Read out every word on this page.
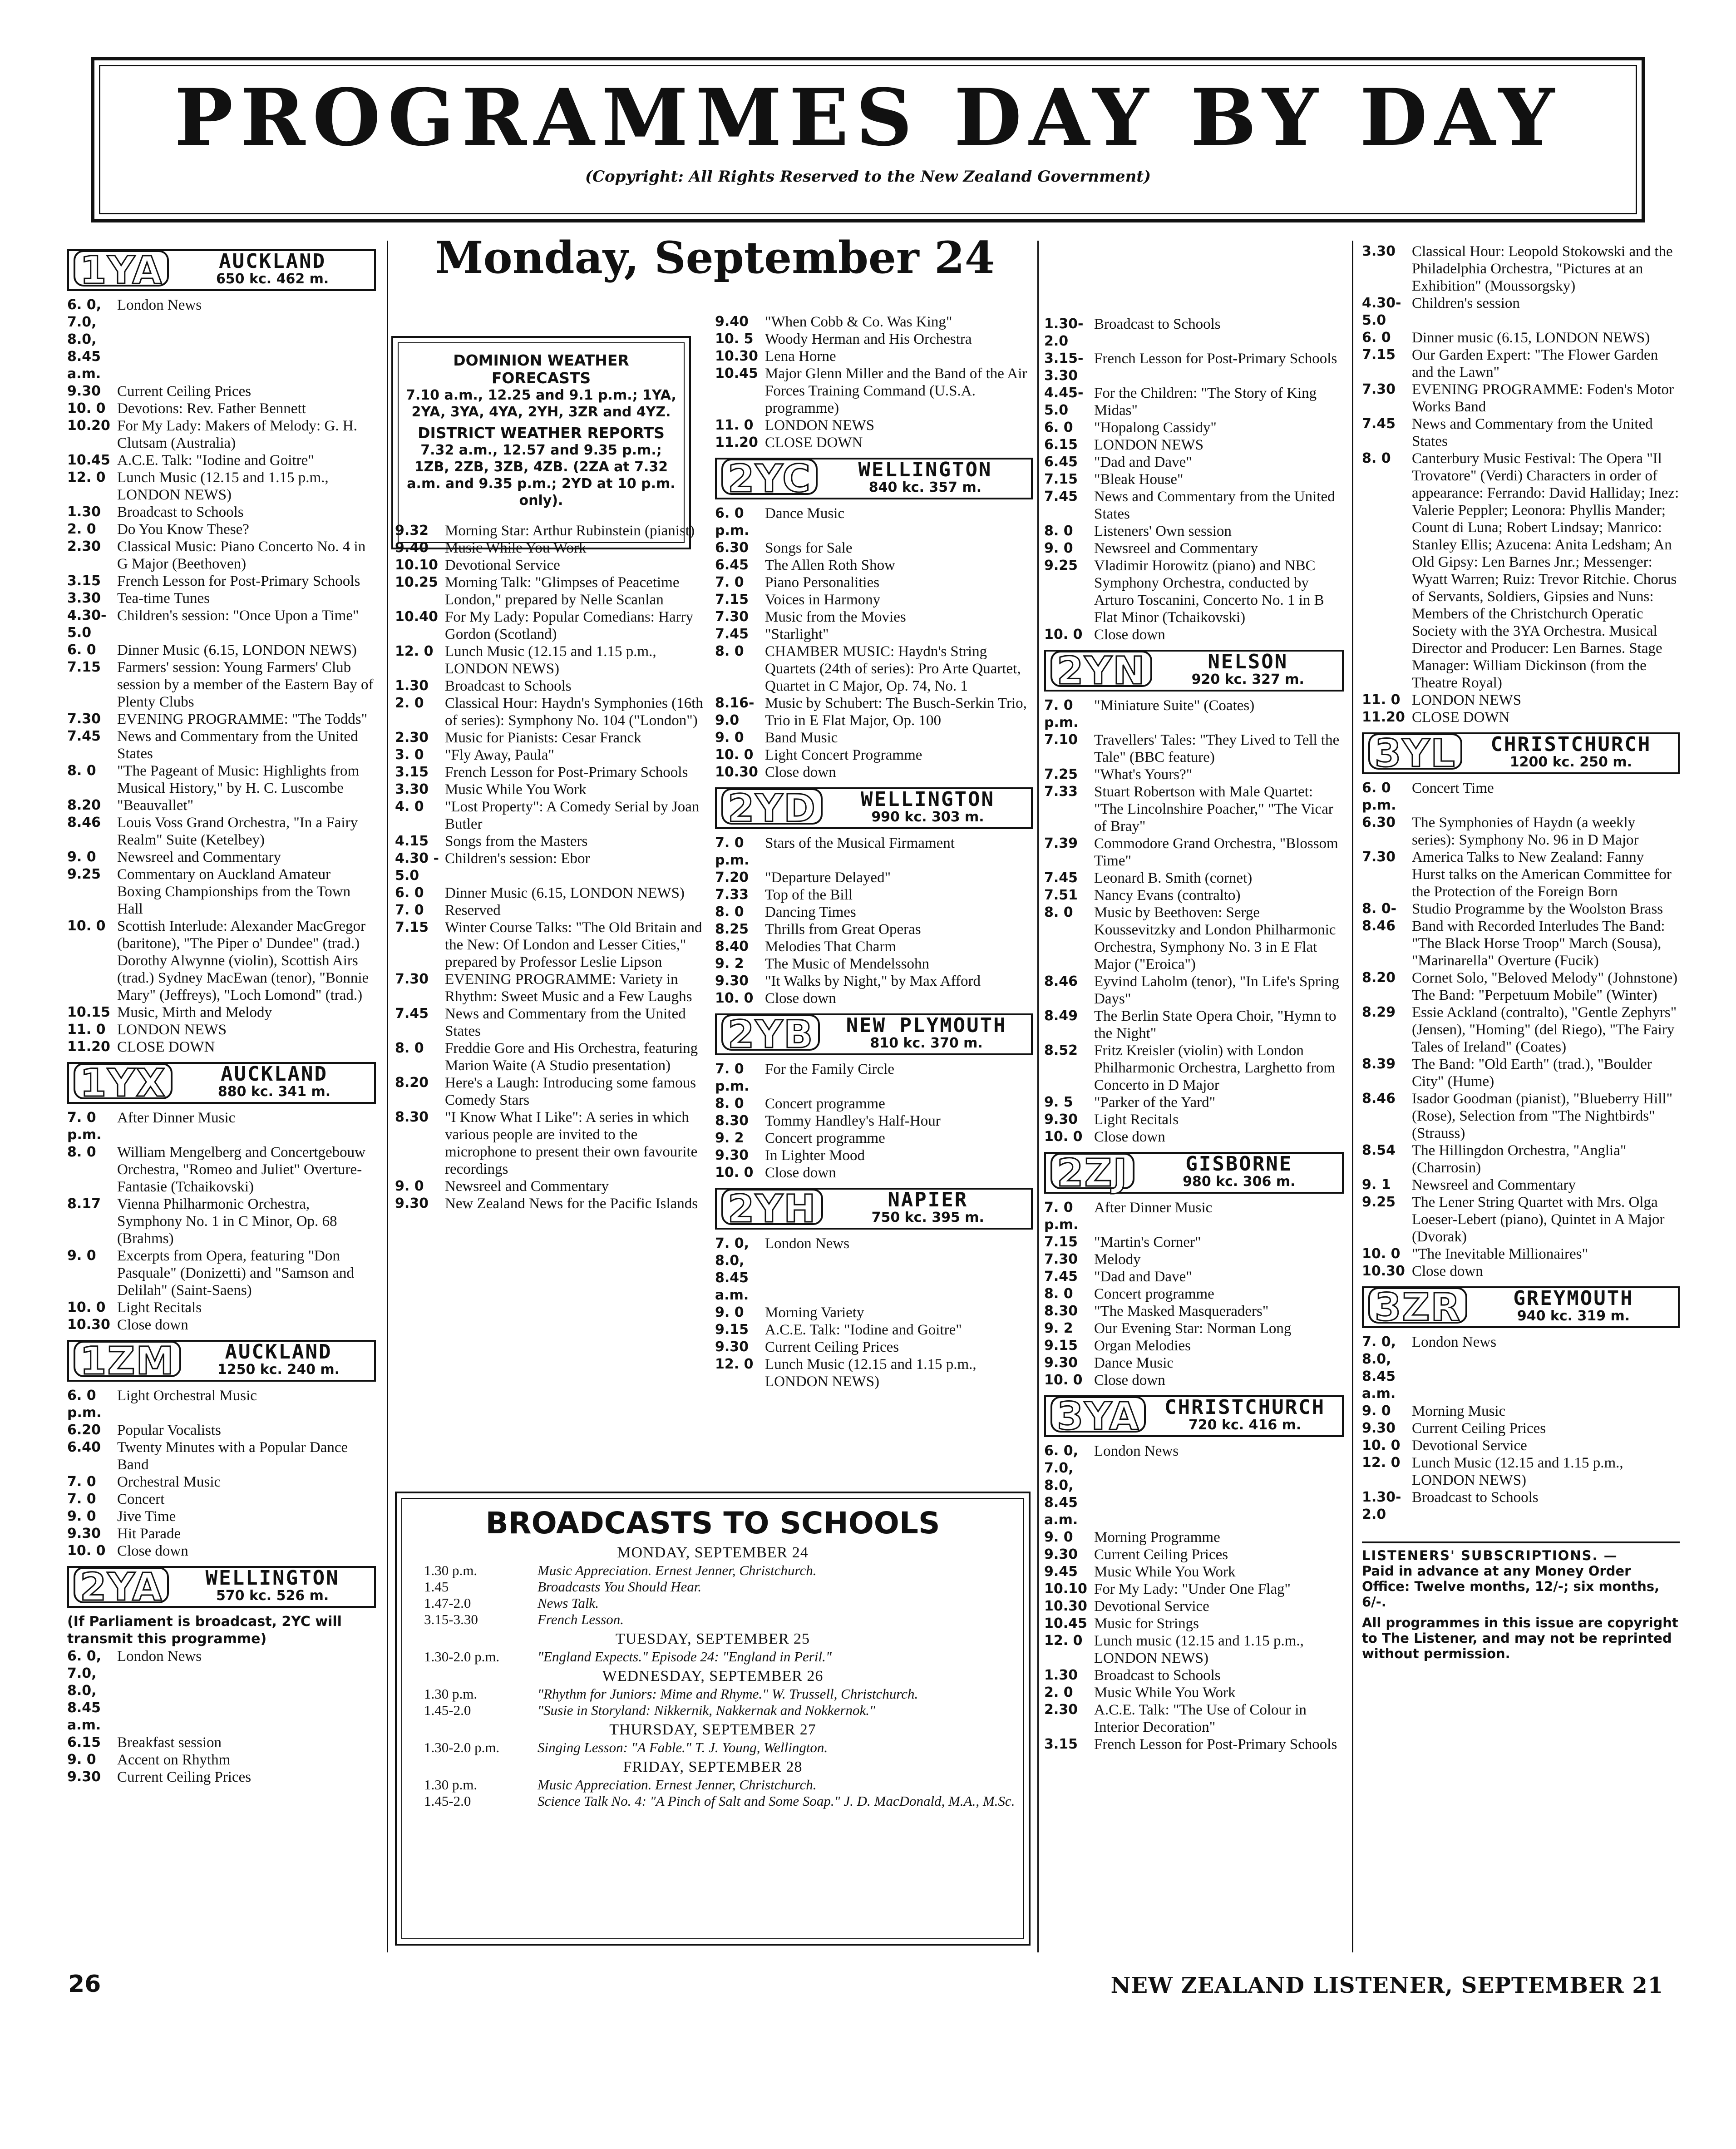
PROGRAMMES DAY BY DAY
(Copyright: All Rights Reserved to the New Zealand Government)
Monday, September 24
1YA	AUCKLAND
650 kc. 462 m.
6. 0, 7.0, 8.0, 8.45 a.m.
London News
9.30	Current Ceiling Prices
10. 0 Devotions: Rev. Father Bennett
10.20 For My Lady: Makers of Melody: G. H. Clutsam (Australia)
10.45 A.C.E. Talk: "Iodine and Goitre"
12. 0 Lunch Music (12.15 and 1.15 p.m., LONDON NEWS)
1.30	Broadcast to Schools
2. 0	Do You Know These?
2.30	Classical Music: Piano Concerto No. 4 in G Major (Beethoven)
3.15	French Lesson for Post-Primary Schools
3.30	Tea-time Tunes
4.30-5.0
Children's session: "Once Upon a Time"
6. 0	Dinner Music (6.15, LONDON NEWS)
7.15	Farmers' session: Young Farmers' Club session by a member of the Eastern Bay of Plenty Clubs
7.30	EVENING PROGRAMME: "The Todds"
7.45	News and Commentary from the United States
8. 0	"The Pageant of Music: Highlights from Musical History," by H. C. Luscombe
8.20	"Beauvallet"
8.46	Louis Voss Grand Orchestra, "In a Fairy Realm" Suite (Ketelbey)
9. 0	Newsreel and Commentary
9.25	Commentary on Auckland Amateur Boxing Championships from the Town Hall
10. 0 Scottish Interlude: Alexander MacGregor (baritone), "The Piper o' Dundee" (trad.) Dorothy Alwynne (violin), Scottish Airs (trad.) Sydney MacEwan (tenor), "Bonnie Mary" (Jeffreys), "Loch Lomond" (trad.)
10.15 Music, Mirth and Melody
11. 0 LONDON NEWS
11.20 CLOSE DOWN
1YX	AUCKLAND
880 kc. 341 m.
7. 0 p.m.
After Dinner Music
8. 0	William Mengelberg and Concertgebouw Orchestra, "Romeo and Juliet" Overture-Fantasie (Tchaikovski)
8.17	Vienna Philharmonic Orchestra, Symphony No. 1 in C Minor, Op. 68 (Brahms)
9. 0	Excerpts from Opera, featuring "Don Pasquale" (Donizetti) and "Samson and Delilah" (Saint-Saens)
10. 0 Light Recitals
10.30 Close down
1ZM	AUCKLAND
1250 kc. 240 m.
6. 0 p.m.
Light Orchestral Music
6.20	Popular Vocalists
6.40	Twenty Minutes with a Popular Dance Band
7. 0	Orchestral Music
7. 0	Concert
9. 0	Jive Time
9.30	Hit Parade
10. 0 Close down
2YA	WELLINGTON
570 kc. 526 m.
(If Parliament is broadcast, 2YC will transmit this programme)
6. 0, 7.0, 8.0, 8.45 a.m.
London News
6.15	Breakfast session
9. 0	Accent on Rhythm
9.30	Current Ceiling Prices
DOMINION WEATHER FORECASTS

7.10 a.m., 12.25 and 9.1 p.m.; 1YA, 2YA, 3YA, 4YA, 2YH, 3ZR and 4YZ.

DISTRICT WEATHER REPORTS

7.32 a.m., 12.57 and 9.35 p.m.; 1ZB, 2ZB, 3ZB, 4ZB. (2ZA at 7.32 a.m. and 9.35 p.m.; 2YD at 10 p.m. only).

9.32	Morning Star: Arthur Rubinstein (pianist)
9.40	Music While You Work
10.10 Devotional Service
10.25 Morning Talk: "Glimpses of Peacetime London," prepared by Nelle Scanlan
10.40 For My Lady: Popular Comedians: Harry Gordon (Scotland)
12. 0 Lunch Music (12.15 and 1.15 p.m., LONDON NEWS)
1.30	Broadcast to Schools
2. 0	Classical Hour: Haydn's Symphonies (16th of series): Symphony No. 104 ("London")
2.30	Music for Pianists: Cesar Franck
3. 0	"Fly Away, Paula"
3.15	French Lesson for Post-Primary Schools
3.30	Music While You Work
4. 0	"Lost Property": A Comedy Serial by Joan Butler
4.15	Songs from the Masters
4.30 - 5.0
Children's session: Ebor
6. 0	Dinner Music (6.15, LONDON NEWS)
7. 0	Reserved
7.15	Winter Course Talks: "The Old Britain and the New: Of London and Lesser Cities," prepared by Professor Leslie Lipson
7.30	EVENING PROGRAMME: Variety in Rhythm: Sweet Music and a Few Laughs
7.45	News and Commentary from the United States
8. 0	Freddie Gore and His Orchestra, featuring Marion Waite (A Studio presentation)
8.20	Here's a Laugh: Introducing some famous Comedy Stars
8.30	"I Know What I Like": A series in which various people are invited to the microphone to present their own favourite recordings
9. 0	Newsreel and Commentary
9.30	New Zealand News for the Pacific Islands
9.40	"When Cobb & Co. Was King"
10. 5 Woody Herman and His Orchestra
10.30 Lena Horne
10.45 Major Glenn Miller and the Band of the Air Forces Training Command (U.S.A. programme)
11. 0 LONDON NEWS
11.20 CLOSE DOWN
2YC	WELLINGTON
840 kc. 357 m.
6. 0 p.m.
Dance Music
6.30	Songs for Sale
6.45	The Allen Roth Show
7. 0	Piano Personalities
7.15	Voices in Harmony
7.30	Music from the Movies
7.45	"Starlight"
8. 0	CHAMBER MUSIC: Haydn's String Quartets (24th of series): Pro Arte Quartet, Quartet in C Major, Op. 74, No. 1
8.16-9.0
Music by Schubert: The Busch-Serkin Trio, Trio in E Flat Major, Op. 100
9. 0	Band Music
10. 0 Light Concert Programme
10.30 Close down
2YD	WELLINGTON
990 kc. 303 m.
7. 0 p.m.
Stars of the Musical Firmament
7.20	"Departure Delayed"
7.33	Top of the Bill
8. 0	Dancing Times
8.25	Thrills from Great Operas
8.40	Melodies That Charm
9. 2	The Music of Mendelssohn
9.30	"It Walks by Night," by Max Afford
10. 0 Close down
2YB	NEW PLYMOUTH
810 kc. 370 m.
7. 0 p.m.
For the Family Circle
8. 0	Concert programme
8.30	Tommy Handley's Half-Hour
9. 2	Concert programme
9.30	In Lighter Mood
10. 0 Close down
2YH	NAPIER
750 kc. 395 m.
7. 0, 8.0, 8.45 a.m.
London News
9. 0	Morning Variety
9.15	A.C.E. Talk: "Iodine and Goitre"
9.30	Current Ceiling Prices
12. 0 Lunch Music (12.15 and 1.15 p.m., LONDON NEWS)
1.30-2.0
Broadcast to Schools
3.15-3.30
French Lesson for Post-Primary Schools
4.45-5.0
For the Children: "The Story of King Midas"
6. 0	"Hopalong Cassidy"
6.15	LONDON NEWS
6.45	"Dad and Dave"
7.15	"Bleak House"
7.45	News and Commentary from the United States
8. 0	Listeners' Own session
9. 0	Newsreel and Commentary
9.25	Vladimir Horowitz (piano) and NBC Symphony Orchestra, conducted by Arturo Toscanini, Concerto No. 1 in B Flat Minor (Tchaikovski)
10. 0 Close down
2YN	NELSON
920 kc. 327 m.
7. 0 p.m.
"Miniature Suite" (Coates)
7.10	Travellers' Tales: "They Lived to Tell the Tale" (BBC feature)
7.25	"What's Yours?"
7.33	Stuart Robertson with Male Quartet: "The Lincolnshire Poacher," "The Vicar of Bray"
7.39	Commodore Grand Orchestra, "Blossom Time"
7.45	Leonard B. Smith (cornet)
7.51	Nancy Evans (contralto)
8. 0	Music by Beethoven: Serge Koussevitzky and London Philharmonic Orchestra, Symphony No. 3 in E Flat Major ("Eroica")
8.46	Eyvind Laholm (tenor), "In Life's Spring Days"
8.49	The Berlin State Opera Choir, "Hymn to the Night"
8.52	Fritz Kreisler (violin) with London Philharmonic Orchestra, Larghetto from Concerto in D Major
9. 5	"Parker of the Yard"
9.30	Light Recitals
10. 0 Close down
2ZJ	GISBORNE
980 kc. 306 m.
7. 0 p.m.
After Dinner Music
7.15	"Martin's Corner"
7.30	Melody
7.45	"Dad and Dave"
8. 0	Concert programme
8.30	"The Masked Masqueraders"
9. 2	Our Evening Star: Norman Long
9.15	Organ Melodies
9.30	Dance Music
10. 0 Close down
3YA	CHRISTCHURCH
720 kc. 416 m.
6. 0, 7.0, 8.0, 8.45 a.m.
London News
9. 0	Morning Programme
9.30	Current Ceiling Prices
9.45	Music While You Work
10.10 For My Lady: "Under One Flag"
10.30 Devotional Service
10.45 Music for Strings
12. 0 Lunch music (12.15 and 1.15 p.m., LONDON NEWS)
1.30	Broadcast to Schools
2. 0	Music While You Work
2.30	A.C.E. Talk: "The Use of Colour in Interior Decoration"
3.15	French Lesson for Post-Primary Schools
3.30	Classical Hour: Leopold Stokowski and the Philadelphia Orchestra, "Pictures at an Exhibition" (Moussorgsky)
4.30-5.0
Children's session
6. 0	Dinner music (6.15, LONDON NEWS)
7.15	Our Garden Expert: "The Flower Garden and the Lawn"
7.30	EVENING PROGRAMME: Foden's Motor Works Band
7.45	News and Commentary from the United States
8. 0	Canterbury Music Festival: The Opera "Il Trovatore" (Verdi) Characters in order of appearance: Ferrando: David Halliday; Inez: Valerie Peppler; Leonora: Phyllis Mander; Count di Luna; Robert Lindsay; Manrico: Stanley Ellis; Azucena: Anita Ledsham; An Old Gipsy: Len Barnes Jnr.; Messenger: Wyatt Warren; Ruiz: Trevor Ritchie. Chorus of Servants, Soldiers, Gipsies and Nuns: Members of the Christchurch Operatic Society with the 3YA Orchestra. Musical Director and Producer: Len Barnes. Stage Manager: William Dickinson (from the Theatre Royal)
11. 0 LONDON NEWS
11.20 CLOSE DOWN
3YL	CHRISTCHURCH
1200 kc. 250 m.
6. 0 p.m.
Concert Time
6.30	The Symphonies of Haydn (a weekly series): Symphony No. 96 in D Major
7.30	America Talks to New Zealand: Fanny Hurst talks on the American Committee for the Protection of the Foreign Born
8. 0-8.46
Studio Programme by the Woolston Brass Band with Recorded Interludes The Band: "The Black Horse Troop" March (Sousa), "Marinarella" Overture (Fucik)
8.20	Cornet Solo, "Beloved Melody" (Johnstone) The Band: "Perpetuum Mobile" (Winter)
8.29	Essie Ackland (contralto), "Gentle Zephyrs" (Jensen), "Homing" (del Riego), "The Fairy Tales of Ireland" (Coates)
8.39	The Band: "Old Earth" (trad.), "Boulder City" (Hume)
8.46	Isador Goodman (pianist), "Blueberry Hill" (Rose), Selection from "The Nightbirds" (Strauss)
8.54	The Hillingdon Orchestra, "Anglia" (Charrosin)
9. 1	Newsreel and Commentary
9.25	The Lener String Quartet with Mrs. Olga Loeser-Lebert (piano), Quintet in A Major (Dvorak)
10. 0 "The Inevitable Millionaires"
10.30 Close down
3ZR	GREYMOUTH
940 kc. 319 m.
7. 0, 8.0, 8.45 a.m.
London News
9. 0	Morning Music
9.30	Current Ceiling Prices
10. 0 Devotional Service
12. 0 Lunch Music (12.15 and 1.15 p.m., LONDON NEWS)
1.30-2.0
Broadcast to Schools
LISTENERS' SUBSCRIPTIONS. —
Paid in advance at any Money Order Office: Twelve months, 12/-; six months, 6/-.
All programmes in this issue are copyright to The Listener, and may not be reprinted without permission.
BROADCASTS TO SCHOOLS
MONDAY, SEPTEMBER 24
1.30 p.m.	Music Appreciation. Ernest Jenner, Christchurch.
1.45	Broadcasts You Should Hear.
1.47-2.0	News Talk.
3.15-3.30	French Lesson.
TUESDAY, SEPTEMBER 25
1.30-2.0 p.m.	"England Expects." Episode 24: "England in Peril."
WEDNESDAY, SEPTEMBER 26
1.30 p.m.	"Rhythm for Juniors: Mime and Rhyme." W. Trussell, Christchurch.
1.45-2.0	"Susie in Storyland: Nikkernik, Nakkernak and Nokkernok."
THURSDAY, SEPTEMBER 27
1.30-2.0 p.m.	Singing Lesson: "A Fable." T. J. Young, Wellington.
FRIDAY, SEPTEMBER 28
1.30 p.m.	Music Appreciation. Ernest Jenner, Christchurch.
1.45-2.0	Science Talk No. 4: "A Pinch of Salt and Some Soap." J. D. MacDonald, M.A., M.Sc.
26	NEW ZEALAND LISTENER, SEPTEMBER 21
